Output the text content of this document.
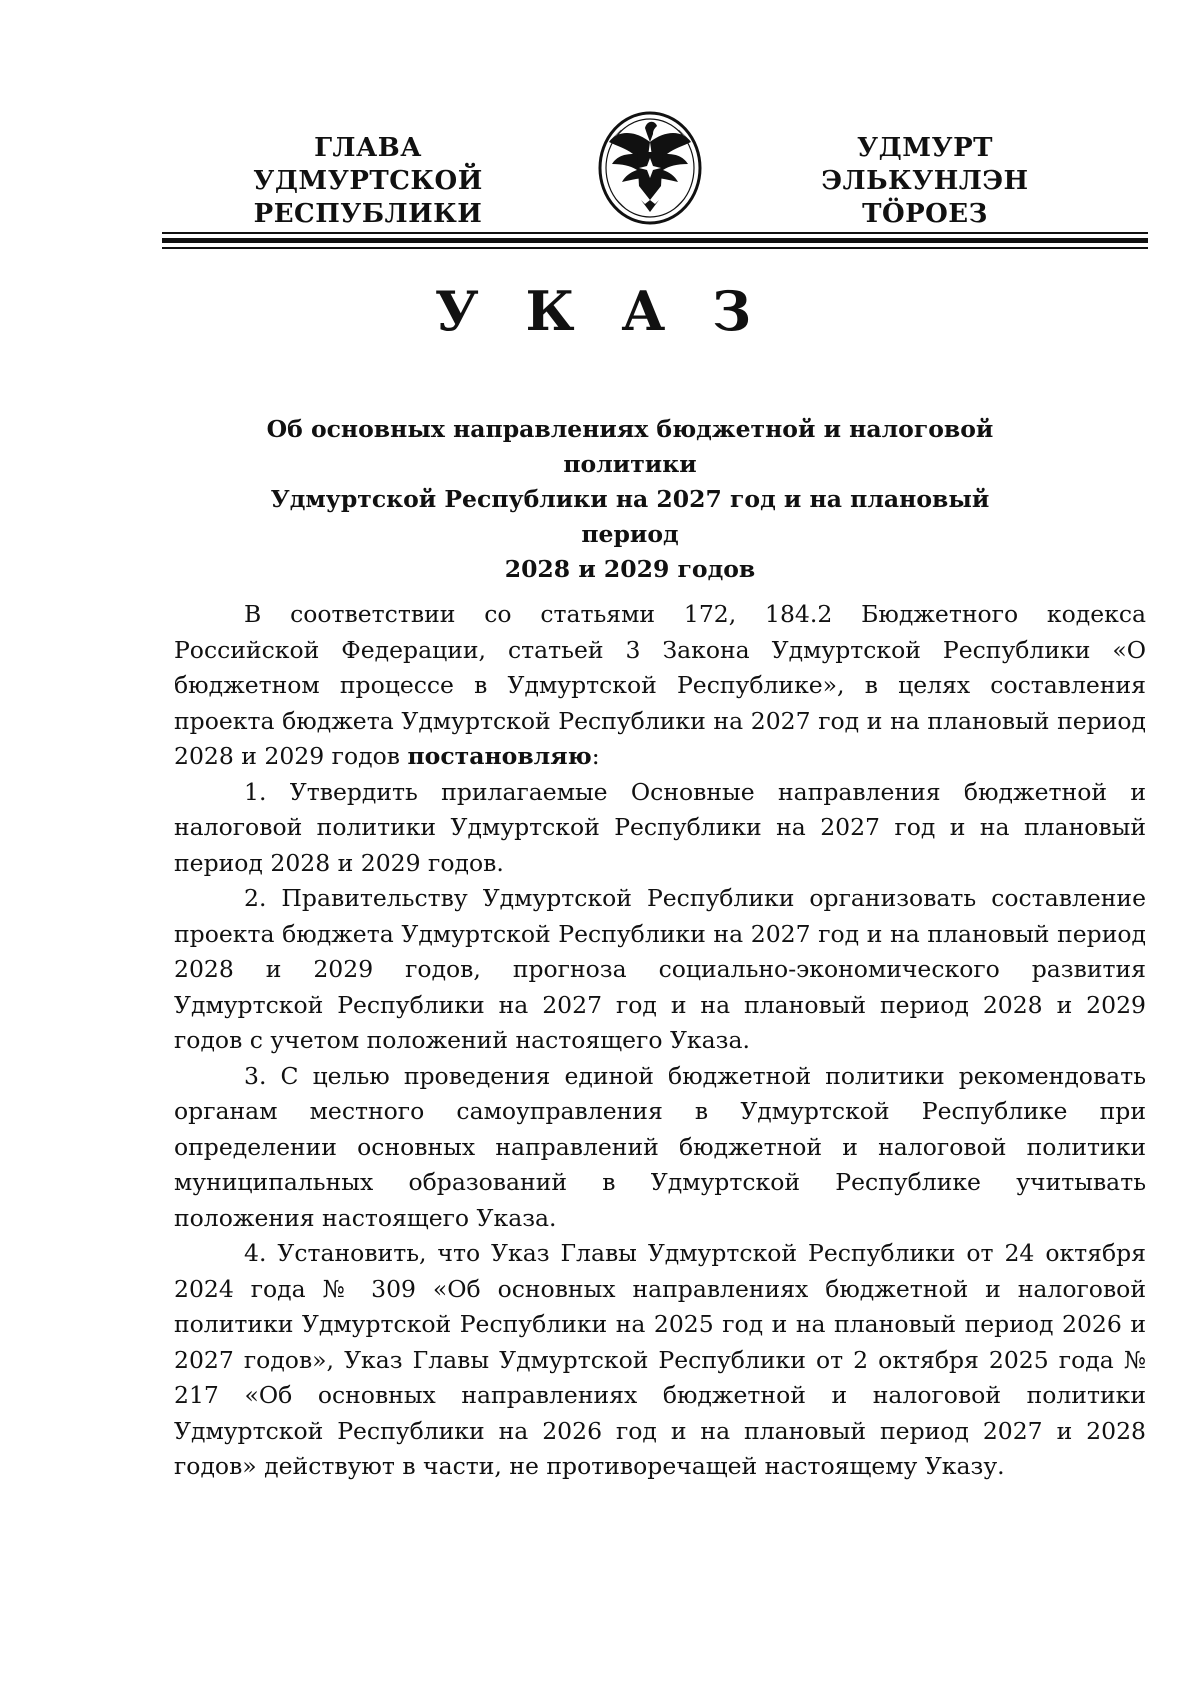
ГЛАВА
УДМУРТСКОЙ РЕСПУБЛИКИ
УДМУРТ ЭЛЬКУНЛЭН
ТӦРОЕЗ
У К А З
Об основных направлениях бюджетной и налоговой политики
Удмуртской Республики на 2027 год и на плановый период
2028 и 2029 годов

В соответствии со статьями 172, 184.2 Бюджетного кодекса Российской Федерации, статьей 3 Закона Удмуртской Республики «О бюджетном процессе в Удмуртской Республике», в целях составления проекта бюджета Удмуртской Республики на 2027 год и на плановый период 2028 и 2029 годов постановляю:

1. Утвердить прилагаемые Основные направления бюджетной и налоговой политики Удмуртской Республики на 2027 год и на плановый период 2028 и 2029 годов.

2. Правительству Удмуртской Республики организовать составление проекта бюджета Удмуртской Республики на 2027 год и на плановый период 2028 и 2029 годов, прогноза социально-экономического развития Удмуртской Республики на 2027 год и на плановый период 2028 и 2029 годов с учетом положений настоящего Указа.

3. С целью проведения единой бюджетной политики рекомендовать органам местного самоуправления в Удмуртской Республике при определении основных направлений бюджетной и налоговой политики муниципальных образований в Удмуртской Республике учитывать положения настоящего Указа.

4. Установить, что Указ Главы Удмуртской Республики от 24 октября 2024 года № 309 «Об основных направлениях бюджетной и налоговой политики Удмуртской Республики на 2025 год и на плановый период 2026 и 2027 годов», Указ Главы Удмуртской Республики от 2 октября 2025 года № 217 «Об основных направлениях бюджетной и налоговой политики Удмуртской Республики на 2026 год и на плановый период 2027 и 2028 годов» действуют в части, не противоречащей настоящему Указу.
